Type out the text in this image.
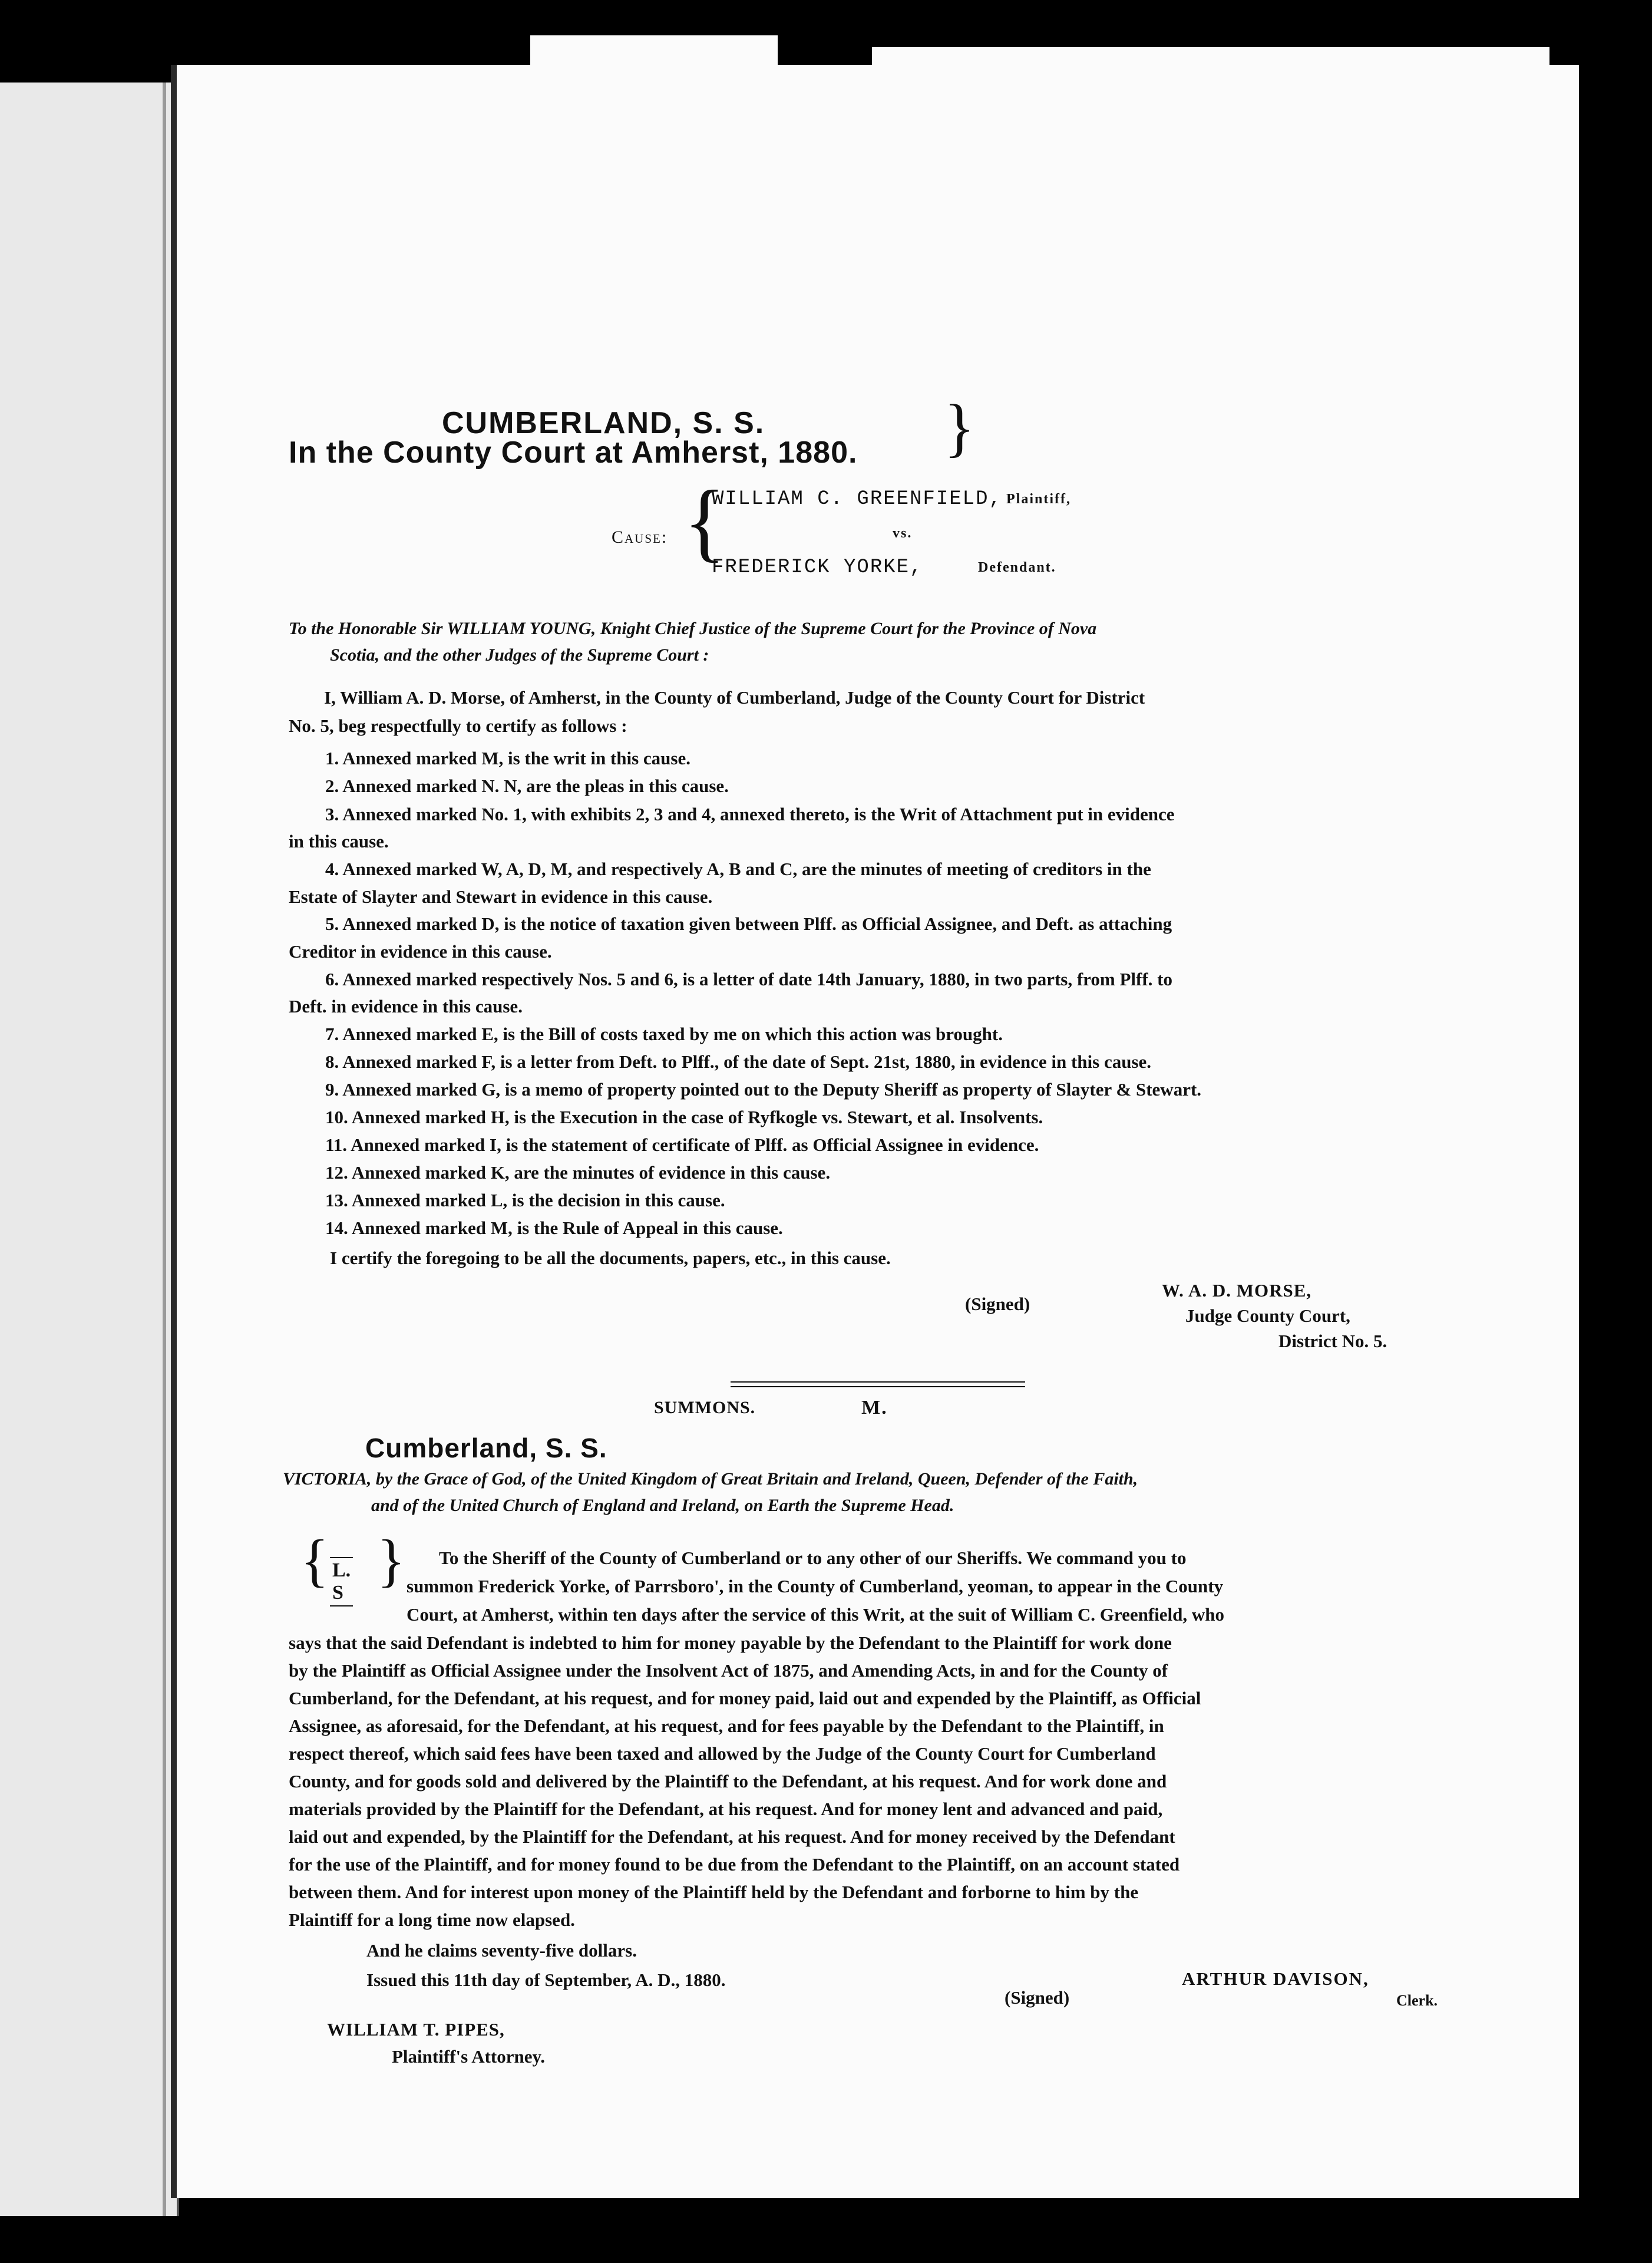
CUMBERLAND, S. S.
In the County Court at Amherst, 1880. }
Cause: {
WILLIAM C. GREENFIELD, Plaintiff,
vs.
FREDERICK YORKE,	Defendant.
To the Honorable Sir WILLIAM YOUNG, Knight Chief Justice of the Supreme Court for the Province of Nova
Scotia, and the other Judges of the Supreme Court :
I, William A. D. Morse, of Amherst, in the County of Cumberland, Judge of the County Court for District
No. 5, beg respectfully to certify as follows :
1. Annexed marked M, is the writ in this cause.
2. Annexed marked N. N, are the pleas in this cause.
3. Annexed marked No. 1, with exhibits 2, 3 and 4, annexed thereto, is the Writ of Attachment put in evidence
in this cause.
4. Annexed marked W, A, D, M, and respectively A, B and C, are the minutes of meeting of creditors in the
Estate of Slayter and Stewart in evidence in this cause.
5. Annexed marked D, is the notice of taxation given between Plff. as Official Assignee, and Deft. as attaching
Creditor in evidence in this cause.
6. Annexed marked respectively Nos. 5 and 6, is a letter of date 14th January, 1880, in two parts, from Plff. to
Deft. in evidence in this cause.
7. Annexed marked E, is the Bill of costs taxed by me on which this action was brought.
8. Annexed marked F, is a letter from Deft. to Plff., of the date of Sept. 21st, 1880, in evidence in this cause.
9. Annexed marked G, is a memo of property pointed out to the Deputy Sheriff as property of Slayter & Stewart.
10. Annexed marked H, is the Execution in the case of Ryfkogle vs. Stewart, et al. Insolvents.
11. Annexed marked I, is the statement of certificate of Plff. as Official Assignee in evidence.
12. Annexed marked K, are the minutes of evidence in this cause.
13. Annexed marked L, is the decision in this cause.
14. Annexed marked M, is the Rule of Appeal in this cause.
I certify the foregoing to be all the documents, papers, etc., in this cause.
(Signed)
W. A. D. MORSE,
Judge County Court,
District No. 5.
SUMMONS.	M.
Cumberland, S. S.
VICTORIA, by the Grace of God, of the United Kingdom of Great Britain and Ireland, Queen, Defender of the Faith,
and of the United Church of England and Ireland, on Earth the Supreme Head.
{ L. S } To the Sheriff of the County of Cumberland or to any other of our Sheriffs. We command you to
summon Frederick Yorke, of Parrsboro', in the County of Cumberland, yeoman, to appear in the County
Court, at Amherst, within ten days after the service of this Writ, at the suit of William C. Greenfield, who
says that the said Defendant is indebted to him for money payable by the Defendant to the Plaintiff for work done
by the Plaintiff as Official Assignee under the Insolvent Act of 1875, and Amending Acts, in and for the County of
Cumberland, for the Defendant, at his request, and for money paid, laid out and expended by the Plaintiff, as Official
Assignee, as aforesaid, for the Defendant, at his request, and for fees payable by the Defendant to the Plaintiff, in
respect thereof, which said fees have been taxed and allowed by the Judge of the County Court for Cumberland
County, and for goods sold and delivered by the Plaintiff to the Defendant, at his request. And for work done and
materials provided by the Plaintiff for the Defendant, at his request. And for money lent and advanced and paid,
laid out and expended, by the Plaintiff for the Defendant, at his request. And for money received by the Defendant
for the use of the Plaintiff, and for money found to be due from the Defendant to the Plaintiff, on an account stated
between them. And for interest upon money of the Plaintiff held by the Defendant and forborne to him by the
Plaintiff for a long time now elapsed.
And he claims seventy-five dollars.
Issued this 11th day of September, A. D., 1880.
(Signed)
ARTHUR DAVISON,
Clerk.
WILLIAM T. PIPES,
Plaintiff's Attorney.
